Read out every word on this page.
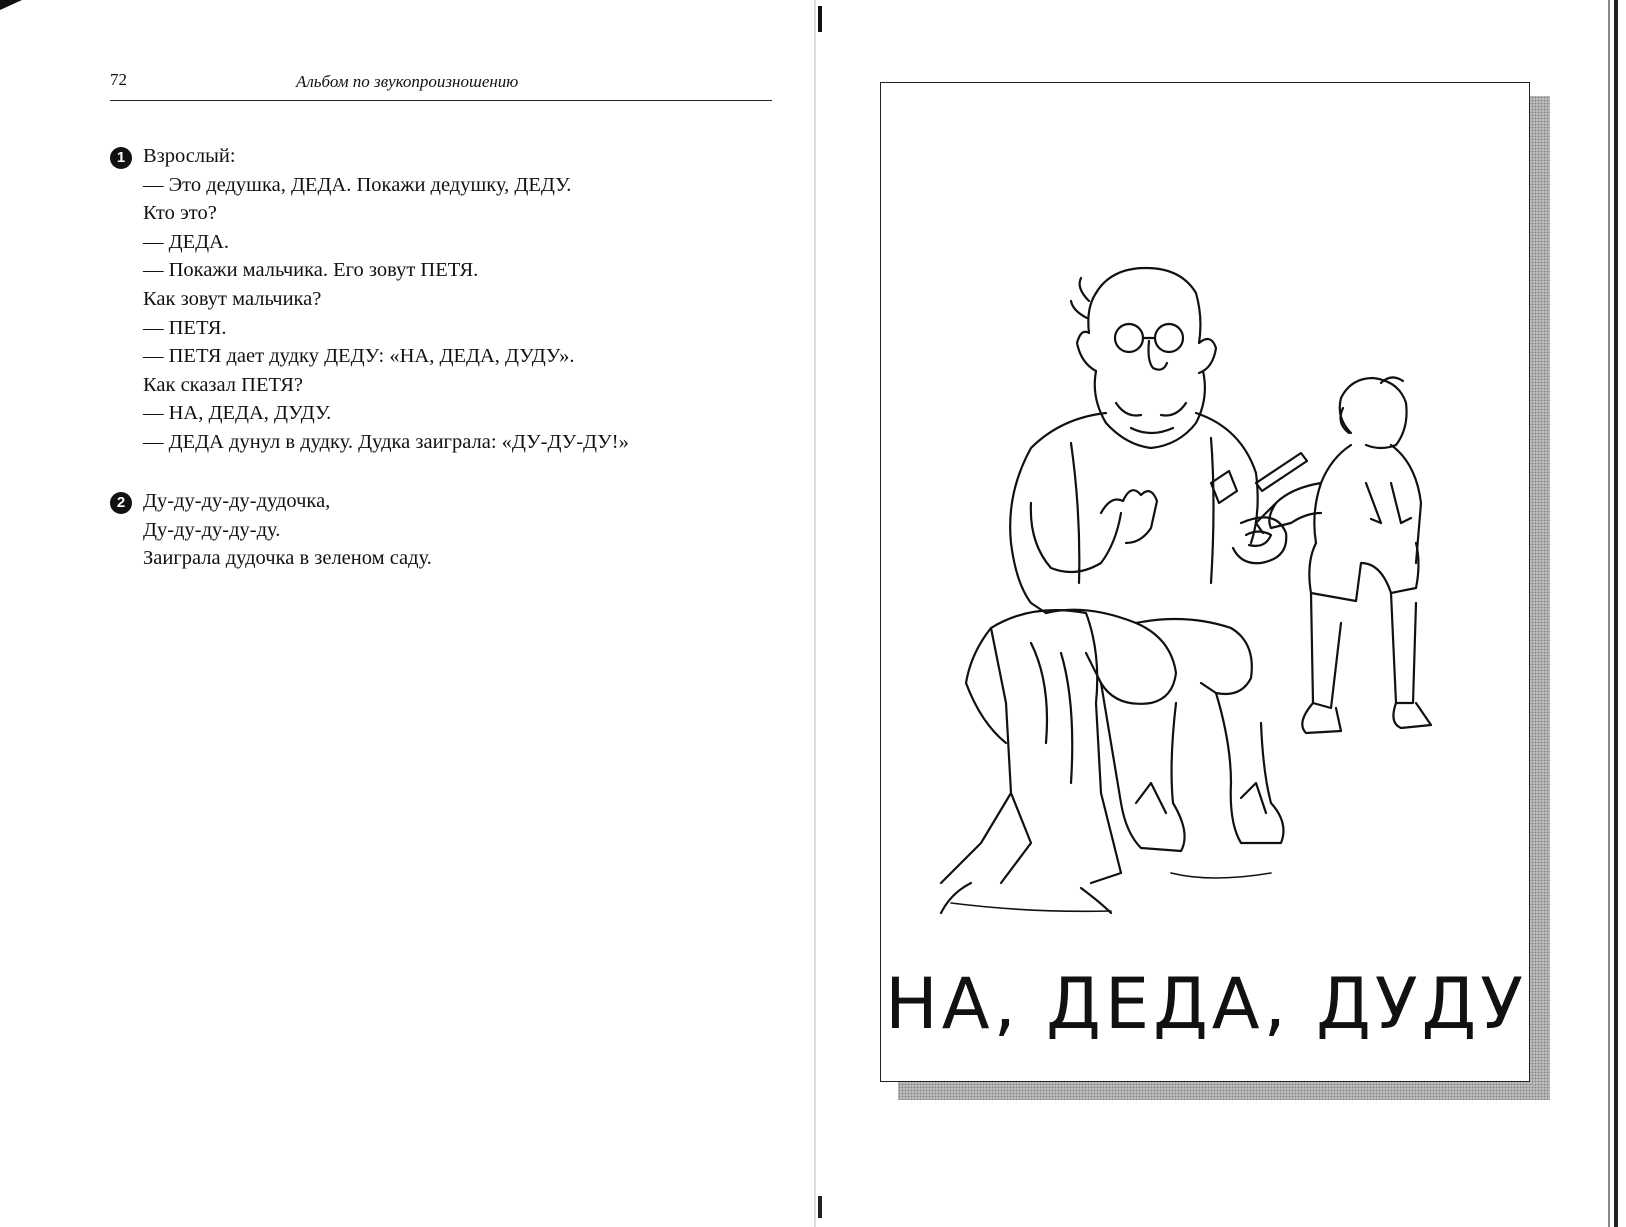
72	Альбом по звукопроизношению
1 Взрослый:
— Это дедушка, ДЕДА. Покажи дедушку, ДЕДУ.
Кто это?
— ДЕДА.
— Покажи мальчика. Его зовут ПЕТЯ.
Как зовут мальчика?
— ПЕТЯ.
— ПЕТЯ дает дудку ДЕДУ: «НА, ДЕДА, ДУДУ».
Как сказал ПЕТЯ?
— НА, ДЕДА, ДУДУ.
— ДЕДА дунул в дудку. Дудка заиграла: «ДУ-ДУ-ДУ!»
2 Ду-ду-ду-ду-дудочка,
Ду-ду-ду-ду-ду.
Заиграла дудочка в зеленом саду.
НА, ДЕДА, ДУДУ
